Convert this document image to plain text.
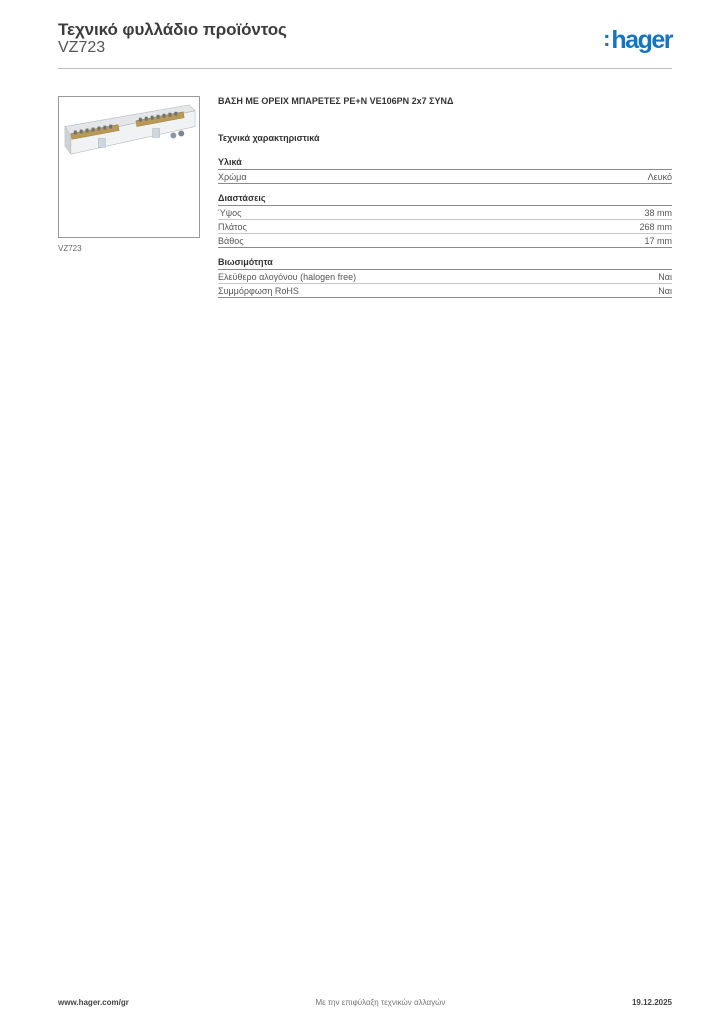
Τεχνικό φυλλάδιο προϊόντος
VZ723	:hager
VZ723
ΒΑΣΗ ΜΕ ΟΡΕΙΧ ΜΠΑΡΕΤΕΣ PE+N VE106PN 2x7 ΣΥΝΔ
Τεχνικά χαρακτηριστικά
Υλικά
Χρώμα	Λευκό
Διαστάσεις
Ύψος	38 mm
Πλάτος	268 mm
Βάθος	17 mm
Βιωσιμότητα
Ελεύθερο αλογόνου (halogen free)	Ναι
Συμμόρφωση RoHS	Ναι
www.hager.com/gr	Με την επιφύλαξη τεχνικών αλλαγών	19.12.2025
